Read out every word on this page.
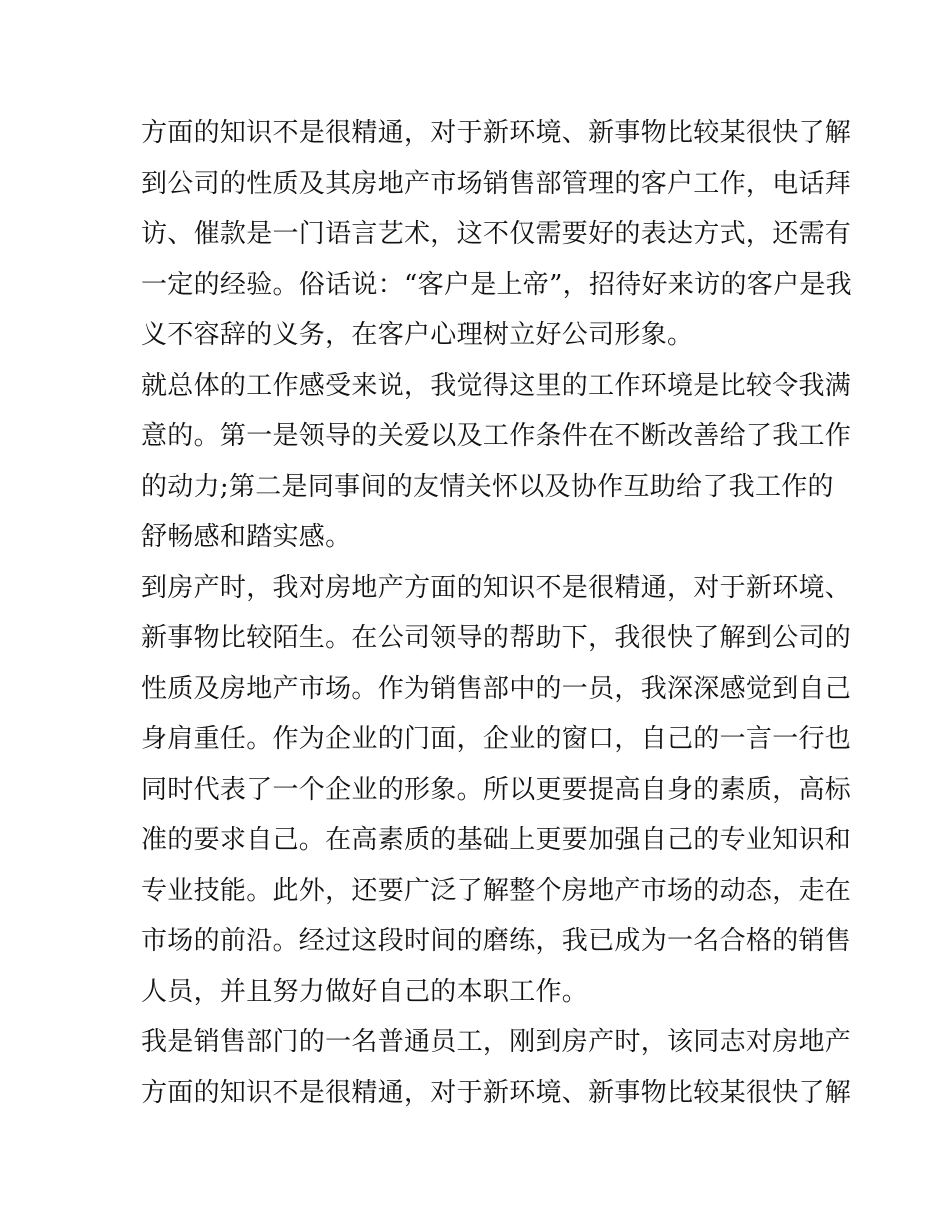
方面的知识不是很精通，对于新环境、新事物比较某很快了解
到公司的性质及其房地产市场销售部管理的客户工作，电话拜
访、催款是一门语言艺术，这不仅需要好的表达方式，还需有
一定的经验。俗话说：“客户是上帝”，招待好来访的客户是我
义不容辞的义务，在客户心理树立好公司形象。
就总体的工作感受来说，我觉得这里的工作环境是比较令我满
意的。第一是领导的关爱以及工作条件在不断改善给了我工作
的动力;第二是同事间的友情关怀以及协作互助给了我工作的
舒畅感和踏实感。
到房产时，我对房地产方面的知识不是很精通，对于新环境、
新事物比较陌生。在公司领导的帮助下，我很快了解到公司的
性质及房地产市场。作为销售部中的一员，我深深感觉到自己
身肩重任。作为企业的门面，企业的窗口，自己的一言一行也
同时代表了一个企业的形象。所以更要提高自身的素质，高标
准的要求自己。在高素质的基础上更要加强自己的专业知识和
专业技能。此外，还要广泛了解整个房地产市场的动态，走在
市场的前沿。经过这段时间的磨练，我已成为一名合格的销售
人员，并且努力做好自己的本职工作。
我是销售部门的一名普通员工，刚到房产时，该同志对房地产
方面的知识不是很精通，对于新环境、新事物比较某很快了解
